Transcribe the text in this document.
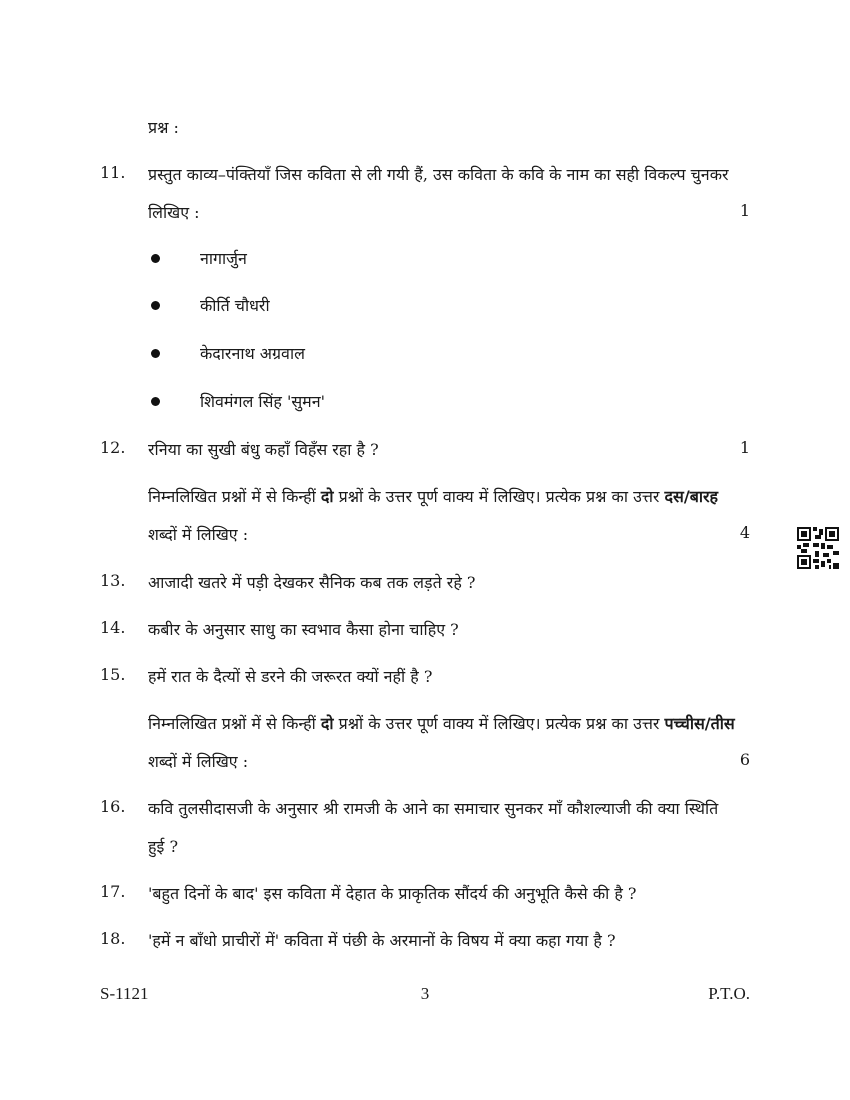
प्रश्न :
11.	प्रस्तुत काव्य–पंक्तियाँ जिस कविता से ली गयी हैं, उस कविता के कवि के नाम का सही विकल्प चुनकर
लिखिए :	1
नागार्जुन
कीर्ति चौधरी
केदारनाथ अग्रवाल
शिवमंगल सिंह 'सुमन'
12.	रनिया का सुखी बंधु कहाँ विहँस रहा है ?	1
निम्नलिखित प्रश्नों में से किन्हीं दो प्रश्नों के उत्तर पूर्ण वाक्य में लिखिए। प्रत्येक प्रश्न का उत्तर दस/बारह
शब्दों में लिखिए :	4
13.	आजादी खतरे में पड़ी देखकर सैनिक कब तक लड़ते रहे ?
14.	कबीर के अनुसार साधु का स्वभाव कैसा होना चाहिए ?
15.	हमें रात के दैत्यों से डरने की जरूरत क्यों नहीं है ?
निम्नलिखित प्रश्नों में से किन्हीं दो प्रश्नों के उत्तर पूर्ण वाक्य में लिखिए। प्रत्येक प्रश्न का उत्तर पच्चीस/तीस
शब्दों में लिखिए :	6
16.	कवि तुलसीदासजी के अनुसार श्री रामजी के आने का समाचार सुनकर माँ कौशल्याजी की क्या स्थिति
हुई ?
17.	'बहुत दिनों के बाद' इस कविता में देहात के प्राकृतिक सौंदर्य की अनुभूति कैसे की है ?
18.	'हमें न बाँधो प्राचीरों में' कविता में पंछी के अरमानों के विषय में क्या कहा गया है ?
S-1121	3	P.T.O.
